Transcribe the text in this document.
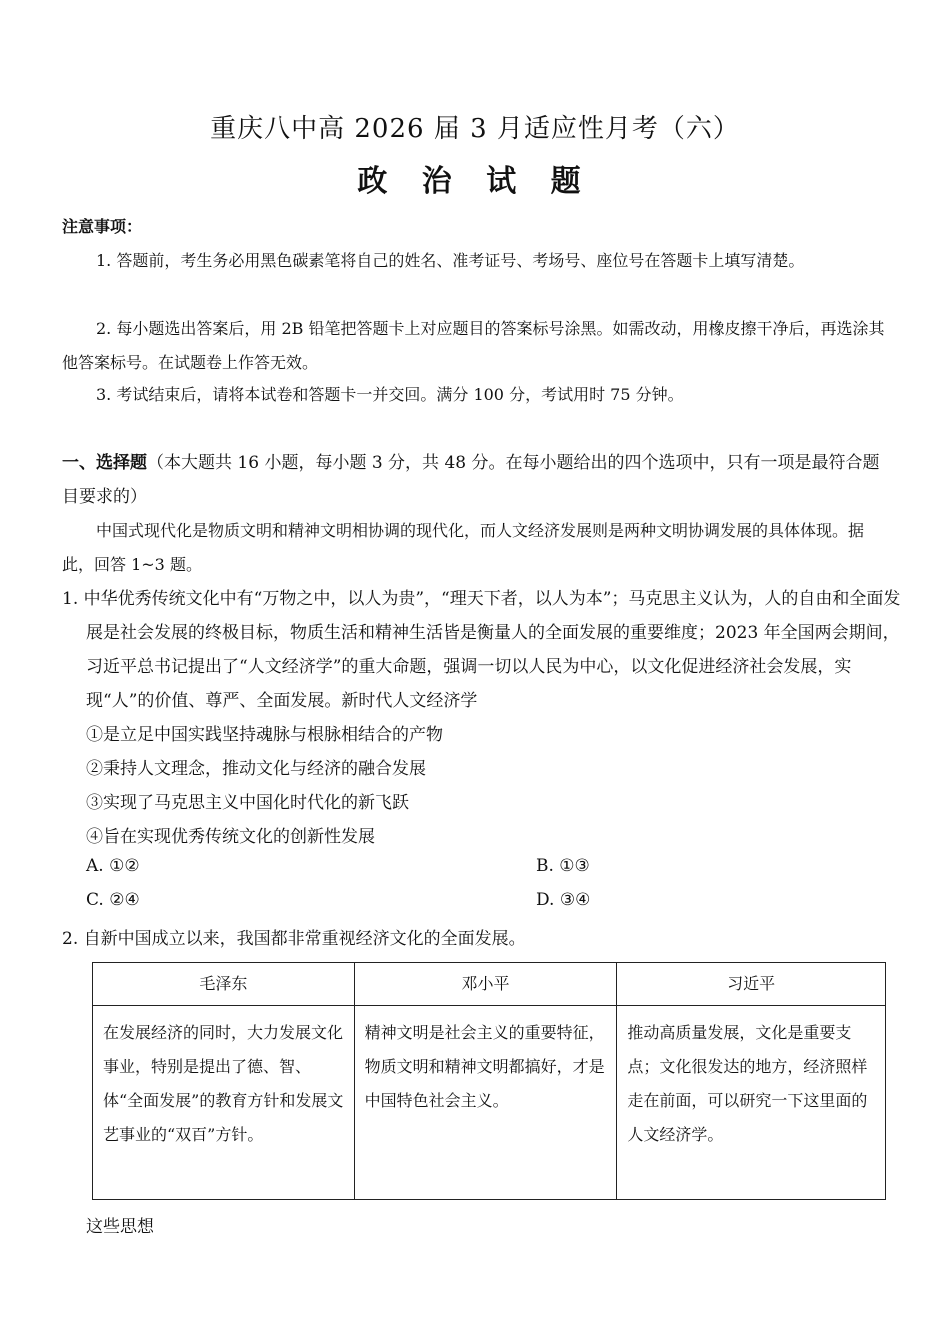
重庆八中高 2026 届 3 月适应性月考（六）
政 治 试 题
注意事项：
1. 答题前，考生务必用黑色碳素笔将自己的姓名、准考证号、考场号、座位号在答题卡上填写清楚。
2. 每小题选出答案后，用 2B 铅笔把答题卡上对应题目的答案标号涂黑。如需改动，用橡皮擦干净后，再选涂其他答案标号。在试题卷上作答无效。
3. 考试结束后，请将本试卷和答题卡一并交回。满分 100 分，考试用时 75 分钟。
一、选择题（本大题共 16 小题，每小题 3 分，共 48 分。在每小题给出的四个选项中，只有一项是最符合题目要求的）
中国式现代化是物质文明和精神文明相协调的现代化，而人文经济发展则是两种文明协调发展的具体体现。据此，回答 1~3 题。
1. 中华优秀传统文化中有“万物之中，以人为贵”，“理天下者，以人为本”；马克思主义认为，人的自由和全面发展是社会发展的终极目标，物质生活和精神生活皆是衡量人的全面发展的重要维度；2023 年全国两会期间，习近平总书记提出了“人文经济学”的重大命题，强调一切以人民为中心，以文化促进经济社会发展，实现“人”的价值、尊严、全面发展。新时代人文经济学
①是立足中国实践坚持魂脉与根脉相结合的产物
②秉持人文理念，推动文化与经济的融合发展
③实现了马克思主义中国化时代化的新飞跃
④旨在实现优秀传统文化的创新性发展
A. ①②	B. ①③
C. ②④	D. ③④
2. 自新中国成立以来，我国都非常重视经济文化的全面发展。
毛泽东	邓小平	习近平
在发展经济的同时，大力发展文化事业，特别是提出了德、智、体“全面发展”的教育方针和发展文艺事业的“双百”方针。	精神文明是社会主义的重要特征，物质文明和精神文明都搞好，才是中国特色社会主义。	推动高质量发展，文化是重要支点；文化很发达的地方，经济照样走在前面，可以研究一下这里面的人文经济学。
这些思想
